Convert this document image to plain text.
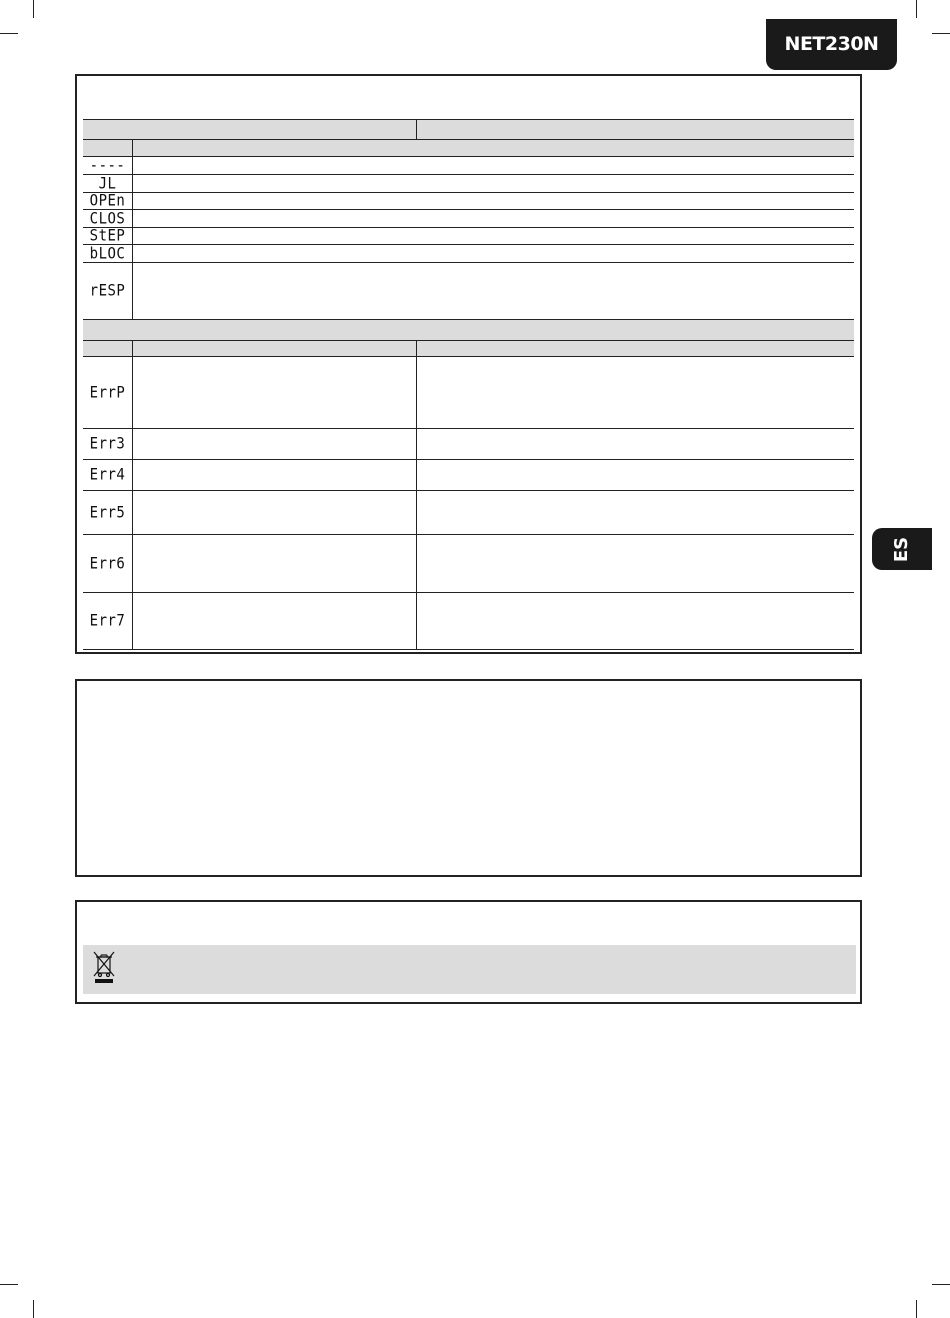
NET230N
ES
----
JL
OPEn
CLOS
StEP
bLOC
rESP
ErrP
Err3
Err4
Err5
Err6
Err7
